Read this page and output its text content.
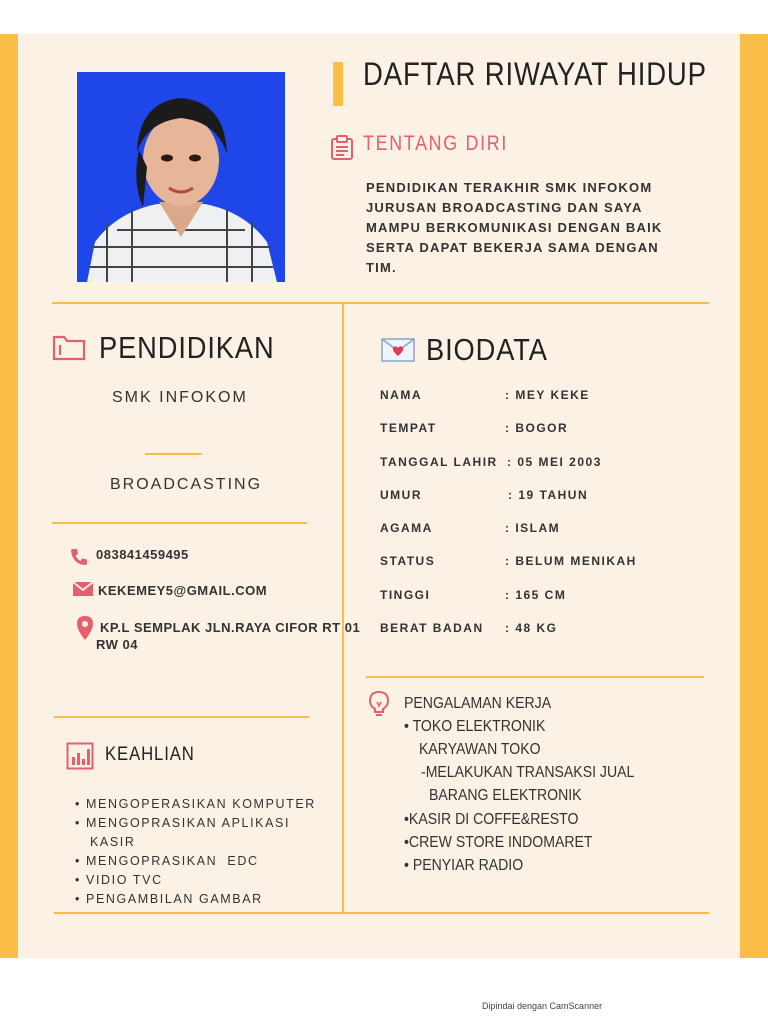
DAFTAR RIWAYAT HIDUP
TENTANG DIRI
PENDIDIKAN TERAKHIR SMK INFOKOM
JURUSAN BROADCASTING DAN SAYA
MAMPU BERKOMUNIKASI DENGAN BAIK
SERTA DAPAT BEKERJA SAMA DENGAN
TIM.
PENDIDIKAN
SMK INFOKOM
BROADCASTING
083841459495
KEKEMEY5@GMAIL.COM
KP.L SEMPLAK JLN.RAYA CIFOR RT 01
RW 04
KEAHLIAN
• MENGOPERASIKAN KOMPUTER
• MENGOPRASIKAN APLIKASI
KASIR
• MENGOPRASIKAN  EDC
• VIDIO TVC
• PENGAMBILAN GAMBAR
BIODATA
NAMA	: MEY KEKE
TEMPAT	: BOGOR
TANGGAL LAHIR : 05 MEI 2003
UMUR	: 19 TAHUN
AGAMA	: ISLAM
STATUS	: BELUM MENIKAH
TINGGI	: 165 CM
BERAT BADAN : 48 KG
PENGALAMAN KERJA
• TOKO ELEKTRONIK
KARYAWAN TOKO
-MELAKUKAN TRANSAKSI JUAL
BARANG ELEKTRONIK
•KASIR DI COFFE&RESTO
•CREW STORE INDOMARET
• PENYIAR RADIO
Dipindai dengan CamScanner
